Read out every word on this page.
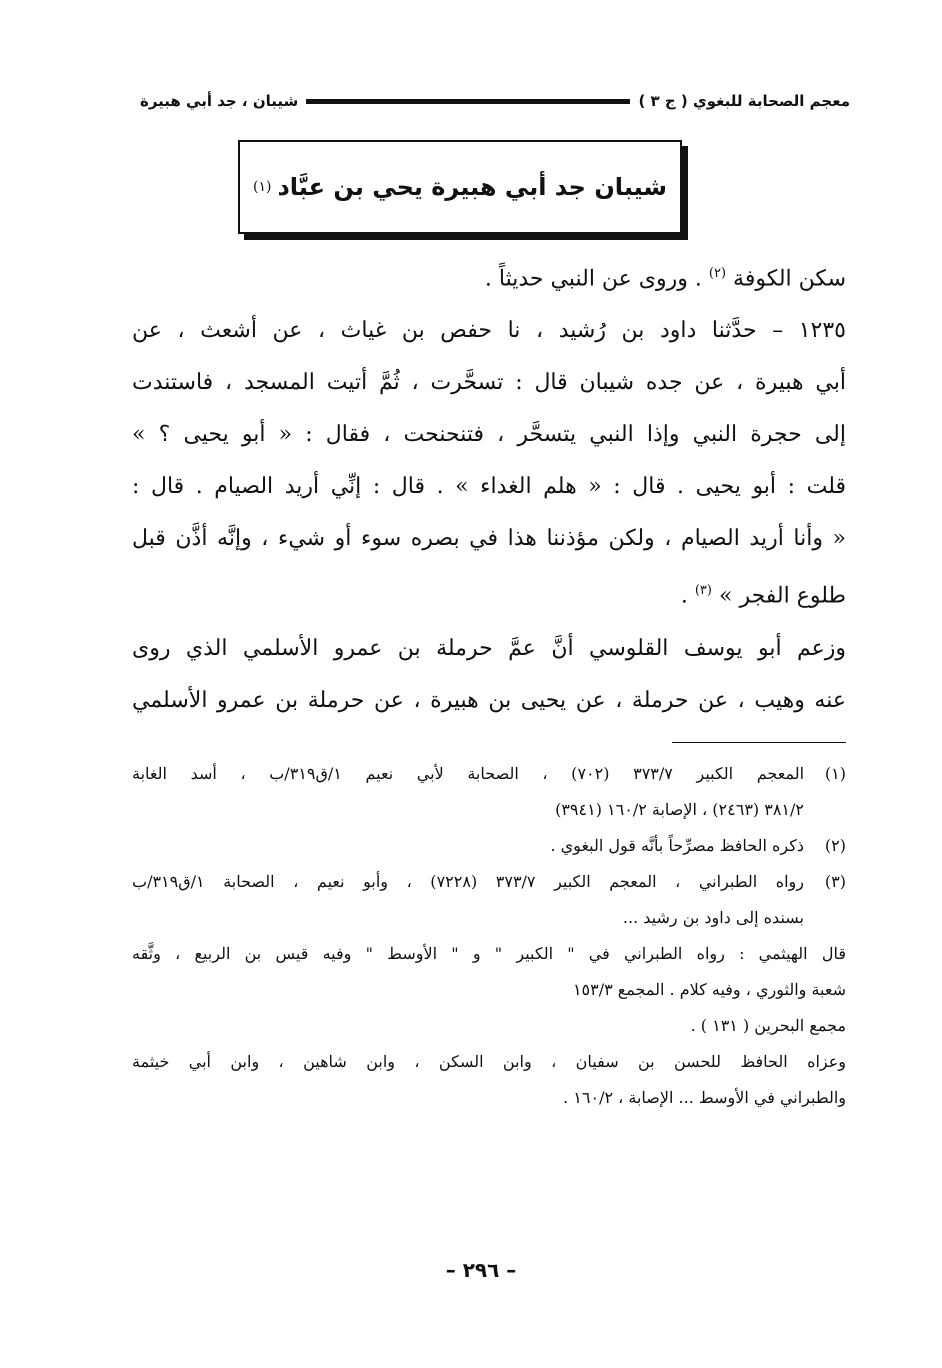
معجم الصحابة للبغوي ( ج ٣ )
شيبان ، جد أبي هبيرة
شيبان جد أبي هبيرة يحي بن عبَّاد
(١)
سكن الكوفة $^{(٢)}$ . وروى عن النبي حديثاً .
١٢٣٥ – حدَّثنا داود بن رُشيد ، نا حفص بن غياث ، عن أشعث ، عن
أبي هبيرة ، عن جده شيبان قال : تسحَّرت ، ثُمَّ أتيت المسجد ، فاستندت
إلى حجرة النبي وإذا النبي يتسحَّر ، فتنحنحت ، فقال : « أبو يحيى ؟ »
قلت : أبو يحيى . قال : « هلم الغداء » . قال : إنِّي أريد الصيام . قال :
« وأنا أريد الصيام ، ولكن مؤذننا هذا في بصره سوء أو شيء ، وإنَّه أذَّن قبل
طلوع الفجر » $^{(٣)}$ .
وزعم أبو يوسف القلوسي أنَّ عمَّ حرملة بن عمرو الأسلمي الذي روى
عنه وهيب ، عن حرملة ، عن يحيى بن هبيرة ، عن حرملة بن عمرو الأسلمي
(١)
المعجم الكبير ٣٧٣/٧ (٧٠٢) ، الصحابة لأبي نعيم ١/ق٣١٩/ب ، أسد الغابة
٣٨١/٢ (٢٤٦٣) ، الإصابة ١٦٠/٢ (٣٩٤١)
(٢)
ذكره الحافظ مصرِّحاً بأنَّه قول البغوي .
(٣)
رواه الطبراني ، المعجم الكبير ٣٧٣/٧ (٧٢٢٨) ، وأبو نعيم ، الصحابة ١/ق٣١٩/ب
بسنده إلى داود بن رشيد ...
قال الهيثمي : رواه الطبراني في " الكبير " و " الأوسط " وفيه قيس بن الربيع ، وثَّقه
شعبة والثوري ، وفيه كلام . المجمع ١٥٣/٣
مجمع البحرين ( ١٣١ ) .
وعزاه الحافظ للحسن بن سفيان ، وابن السكن ، وابن شاهين ، وابن أبي خيثمة
والطبراني في الأوسط ... الإصابة ، ١٦٠/٢ .
– ٢٩٦ –
